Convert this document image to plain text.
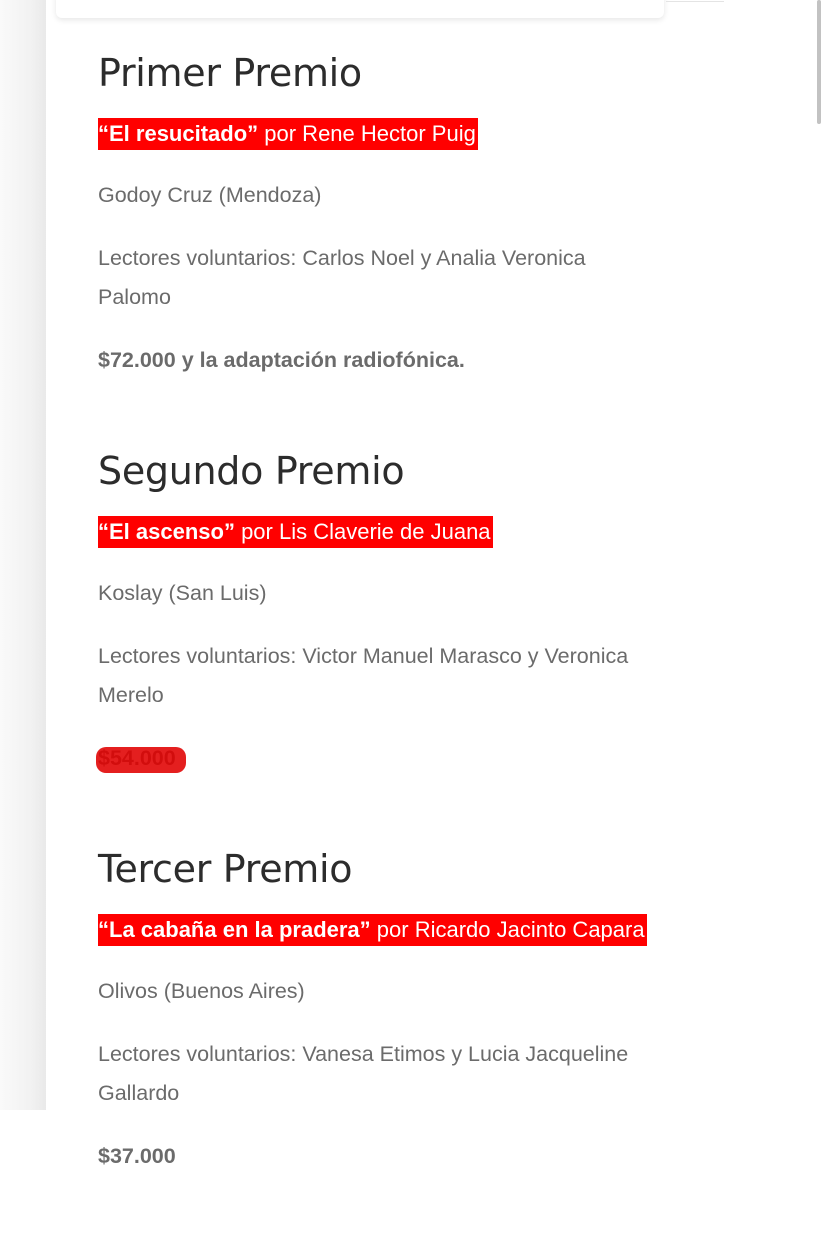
Primer Premio
“El resucitado” por Rene Hector Puig

Godoy Cruz (Mendoza)

Lectores voluntarios: Carlos Noel y Analia Veronica
Palomo

$72.000 y la adaptación radiofónica.

Segundo Premio
“El ascenso” por Lis Claverie de Juana

Koslay (San Luis)

Lectores voluntarios: Victor Manuel Marasco y Veronica
Merelo

Tercer Premio
“La cabaña en la pradera” por Ricardo Jacinto Capara

Olivos (Buenos Aires)

Lectores voluntarios: Vanesa Etimos y Lucia Jacqueline
Gallardo

$37.000
